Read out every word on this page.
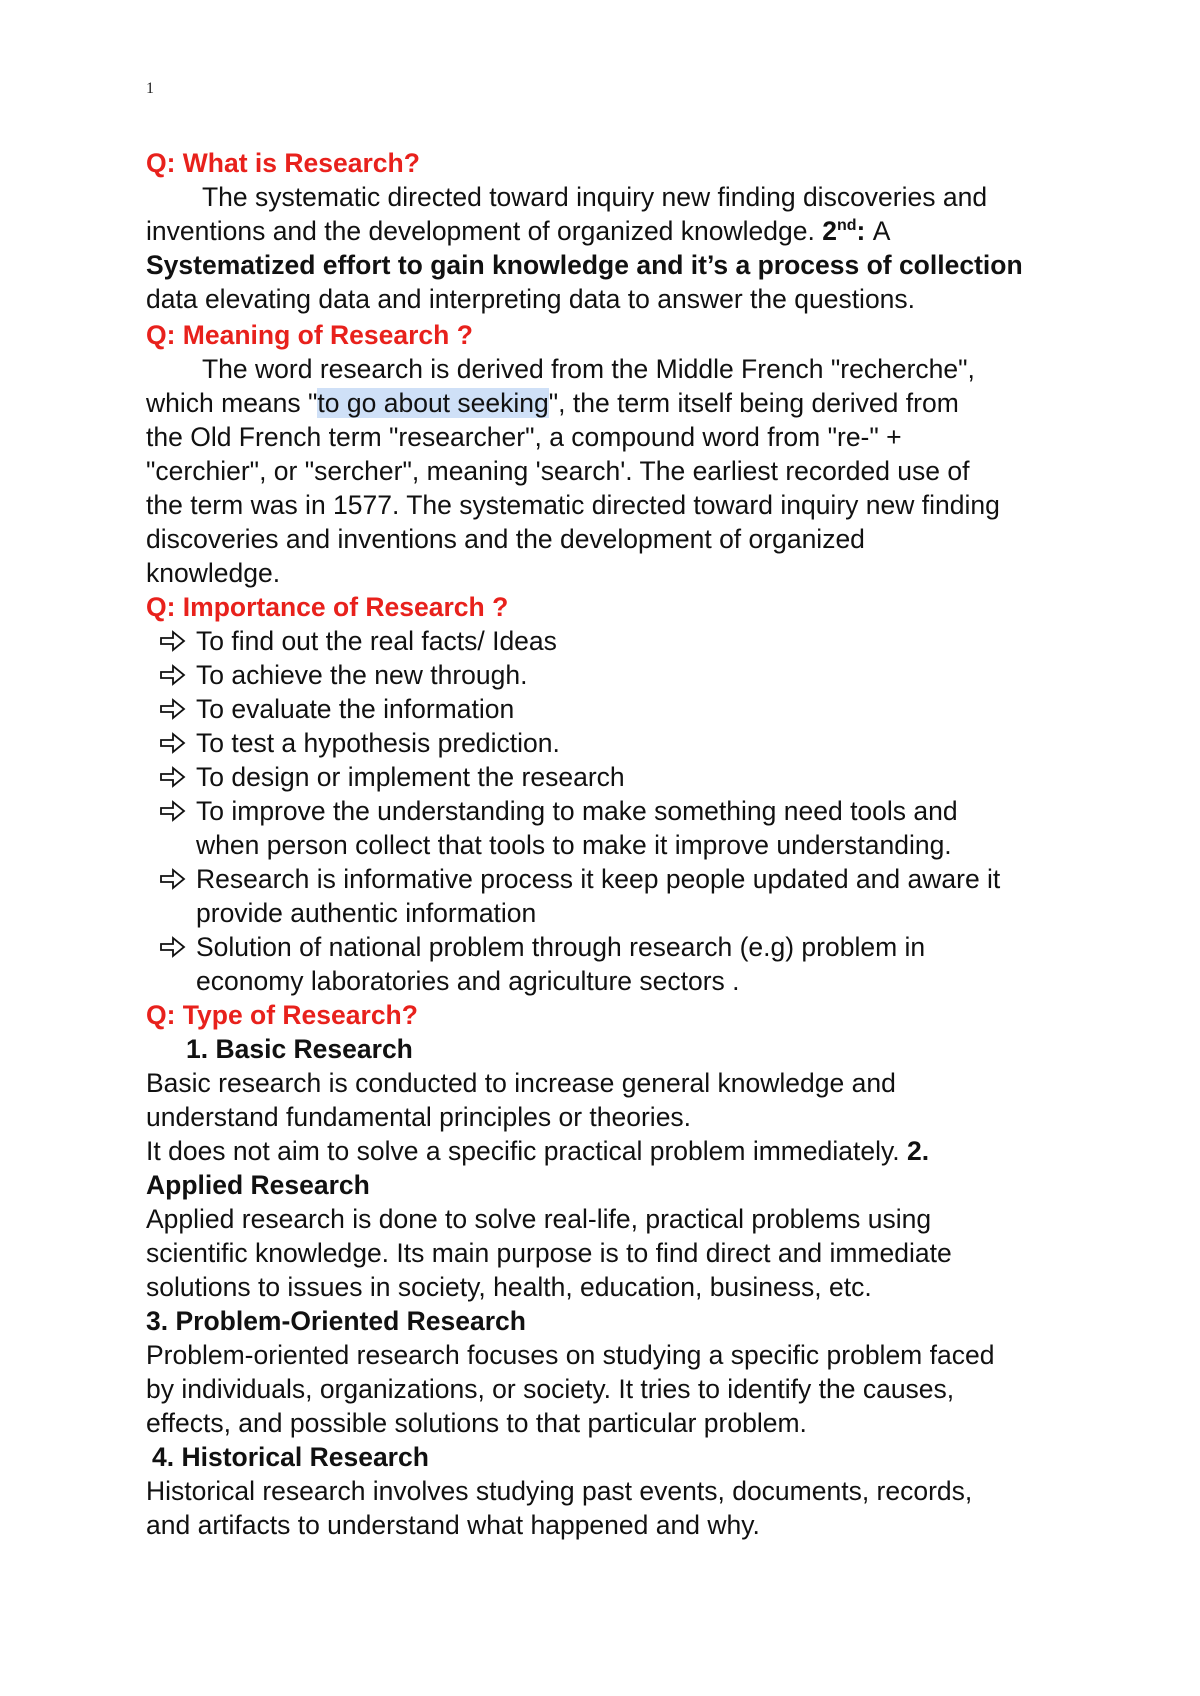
1

Q: What is Research?

The systematic directed toward inquiry new finding discoveries and

inventions and the development of organized knowledge. 2nd: A

Systematized effort to gain knowledge and it’s a process of collection

data elevating data and interpreting data to answer the questions.

Q: Meaning of Research ?

The word research is derived from the Middle French "recherche",

which means "to go about seeking", the term itself being derived from

the Old French term "researcher", a compound word from "re-" +

"cerchier", or "sercher", meaning 'search'. The earliest recorded use of

the term was in 1577. The systematic directed toward inquiry new finding

discoveries and inventions and the development of organized

knowledge.

Q: Importance of Research ?

To find out the real facts/ Ideas
To achieve the new through.
To evaluate the information
To test a hypothesis prediction.
To design or implement the research
To improve the understanding to make something need tools and
when person collect that tools to make it improve understanding.
Research is informative process it keep people updated and aware it
provide authentic information
Solution of national problem through research (e.g) problem in
economy laboratories and agriculture sectors .

Q: Type of Research?

1. Basic Research

Basic research is conducted to increase general knowledge and

understand fundamental principles or theories.

It does not aim to solve a specific practical problem immediately. 2.

Applied Research

Applied research is done to solve real-life, practical problems using

scientific knowledge. Its main purpose is to find direct and immediate

solutions to issues in society, health, education, business, etc.

3. Problem-Oriented Research

Problem-oriented research focuses on studying a specific problem faced

by individuals, organizations, or society. It tries to identify the causes,

effects, and possible solutions to that particular problem.

4. Historical Research

Historical research involves studying past events, documents, records,

and artifacts to understand what happened and why.
